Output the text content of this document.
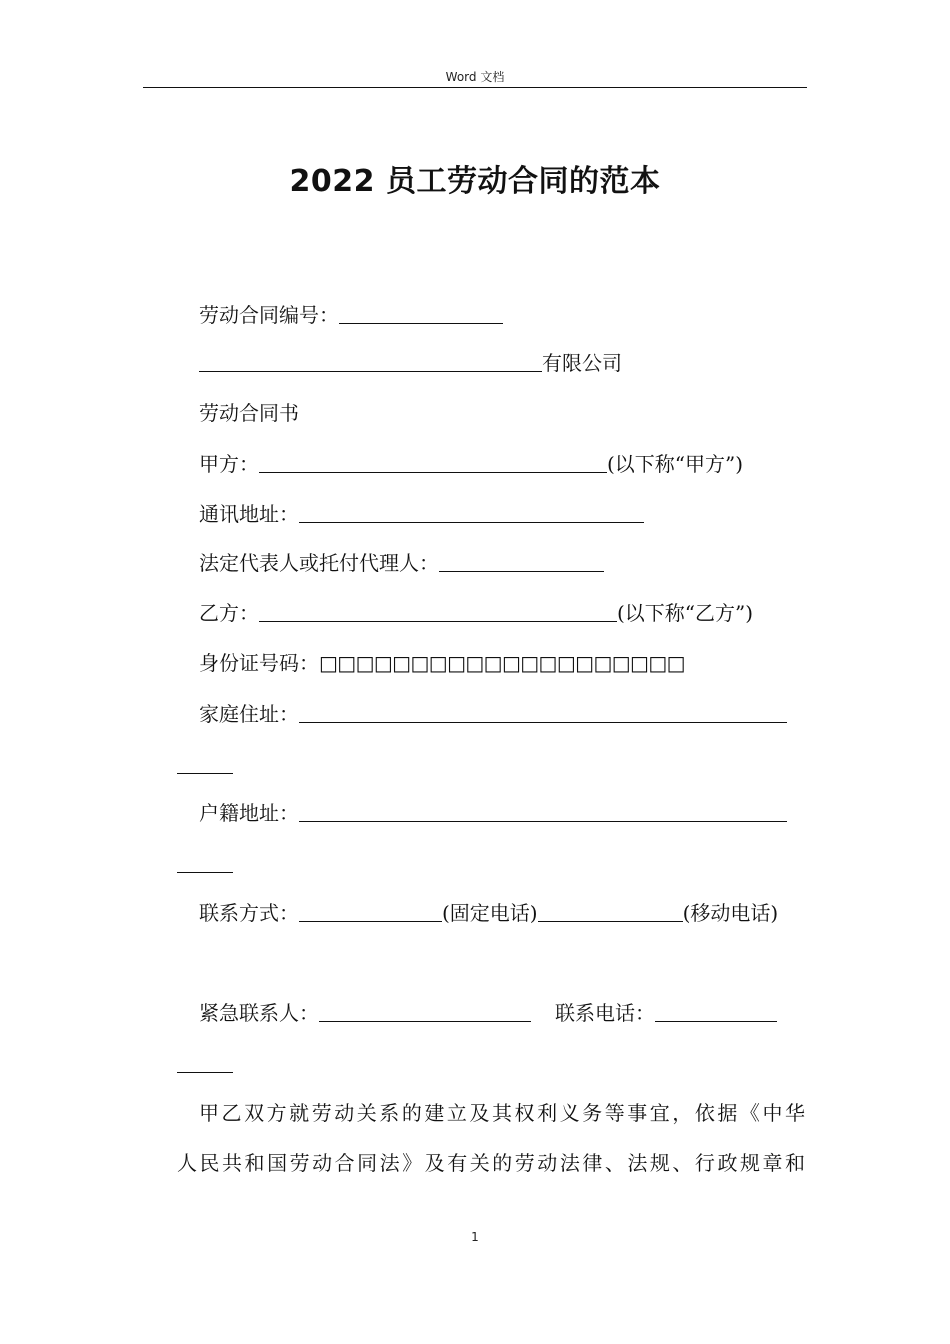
Word 文档
2022 员工劳动合同的范本
劳动合同编号：
有限公司
劳动合同书
甲方：	(以下称“甲方”)
通讯地址：
法定代表人或托付代理人：
乙方：	(以下称“乙方”)
身份证号码：□□□□□□□□□□□□□□□□□□□□
家庭住址：
户籍地址：
联系方式：	(固定电话)	(移动电话)
紧急联系人：	联系电话：
甲乙双方就劳动关系的建立及其权利义务等事宜，依据《中华
人民共和国劳动合同法》及有关的劳动法律、法规、行政规章和
1
